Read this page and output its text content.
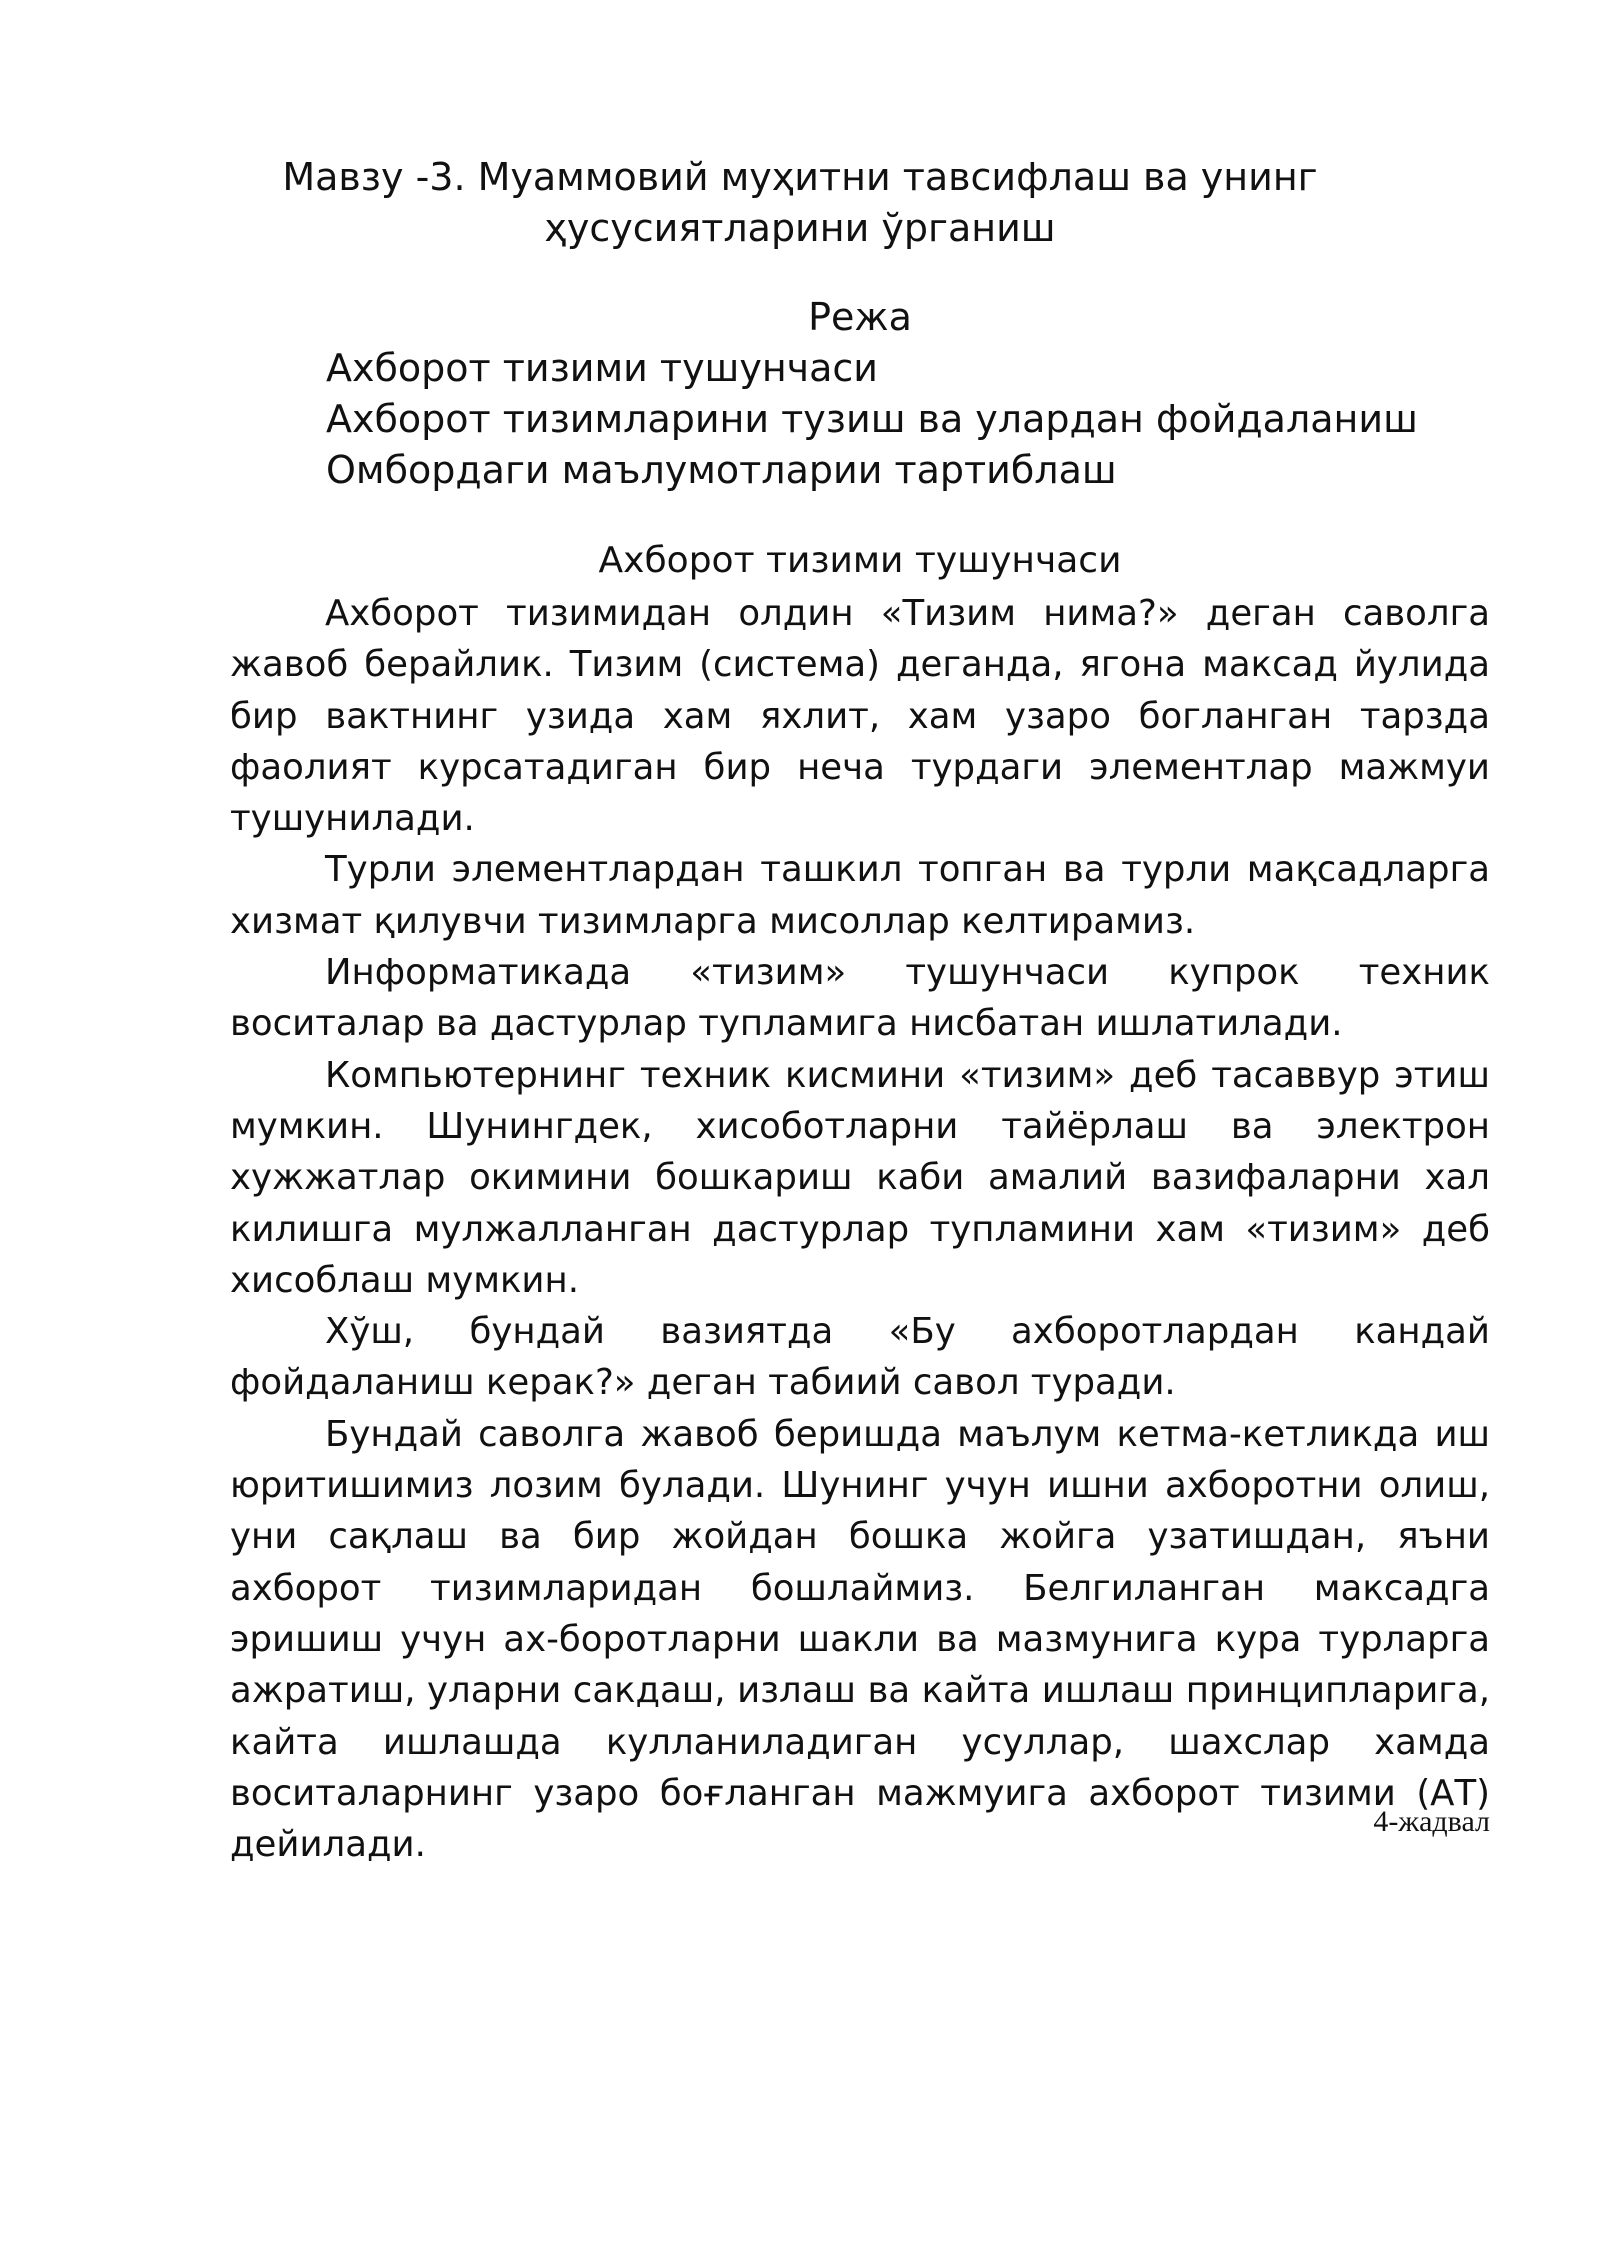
Мавзу -3. Муаммовий муҳитни тавсифлаш ва унинг
ҳусусиятларини ўрганиш
Режа
Ахборот тизими тушунчаси
Ахборот тизимларини тузиш ва улардан фойдаланиш
Омбордаги маълумотларии тартиблаш
Ахборот тизими тушунчаси

Ахборот тизимидан олдин «Тизим нима?» деган саволга жавоб берайлик. Тизим (система) деганда, ягона максад йулида бир вактнинг узида хам яхлит, хам узаро богланган тарзда фаолият курсатадиган бир неча турдаги элементлар мажмуи тушунилади.

Турли элементлардан ташкил топган ва турли мақсадларга хизмат қилувчи тизимларга мисоллар келтирамиз.

Информатикада «тизим» тушунчаси купрок техник воситалар ва дастурлар тупламига нисбатан ишлатилади.

Компьютернинг техник кисмини «тизим» деб тасаввур этиш мумкин. Шунингдек, хисоботларни тайёрлаш ва электрон хужжатлар окимини бошкариш каби амалий вазифаларни хал килишга мулжалланган дастурлар тупламини хам «тизим» деб хисоблаш мумкин.

Хўш, бундай вазиятда «Бу ахборотлардан кандай фойдаланиш керак?» деган табиий савол туради.

Бундай саволга жавоб беришда маълум кетма-кетликда иш юритишимиз лозим булади. Шунинг учун ишни ахборотни олиш, уни сақлаш ва бир жойдан бошка жойга узатишдан, яъни ахборот тизимларидан бошлаймиз. Белгиланган максадга эришиш учун ах-боротларни шакли ва мазмунига кура турларга ажратиш, уларни сакдаш, излаш ва кайта ишлаш принципларига, кайта ишлашда кулланиладиган усуллар, шахслар хамда воситаларнинг узаро боғланган мажмуига ахборот тизими (АТ) дейилади.

4-жадвал
